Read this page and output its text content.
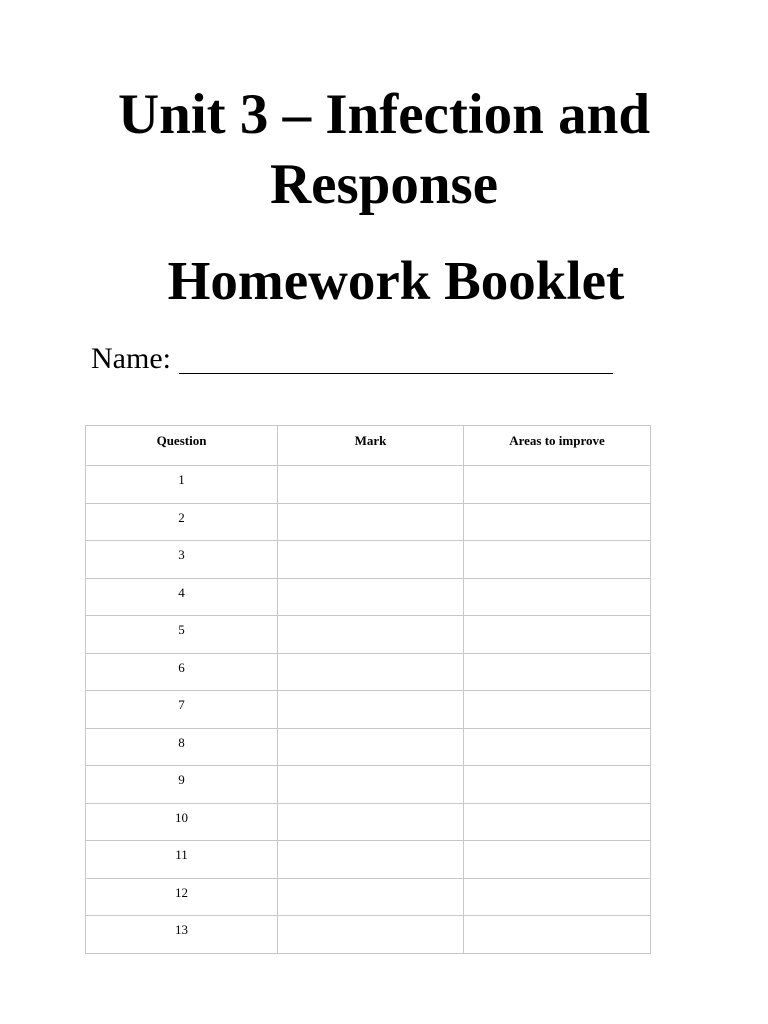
Unit 3 – Infection and
Response
Homework Booklet
Name:
Question	Mark	Areas to improve
1		
2		
3		
4		
5		
6		
7		
8		
9		
10		
11		
12		
13		
